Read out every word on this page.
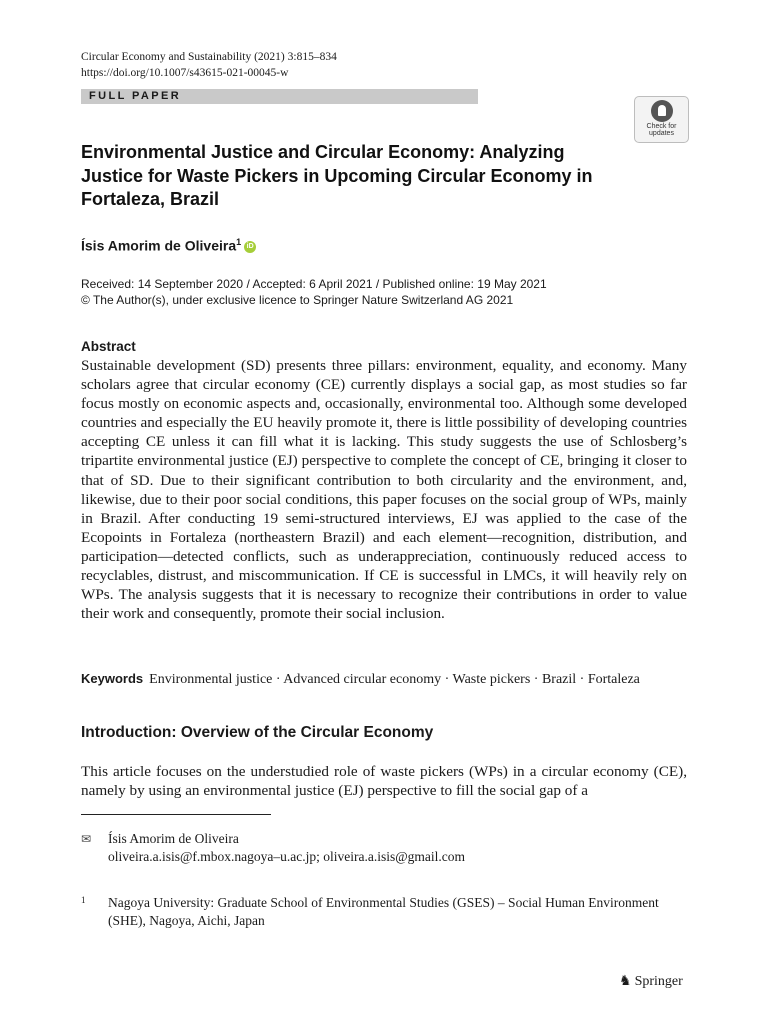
Circular Economy and Sustainability (2021) 3:815–834
https://doi.org/10.1007/s43615-021-00045-w
FULL PAPER
Check for
updates
Environmental Justice and Circular Economy: Analyzing Justice for Waste Pickers in Upcoming Circular Economy in Fortaleza, Brazil
Ísis Amorim de Oliveira$^1$ iD
Received: 14 September 2020 / Accepted: 6 April 2021 / Published online: 19 May 2021
© The Author(s), under exclusive licence to Springer Nature Switzerland AG 2021
Abstract
Sustainable development (SD) presents three pillars: environment, equality, and economy. Many scholars agree that circular economy (CE) currently displays a social gap, as most studies so far focus mostly on economic aspects and, occasionally, environmental too. Although some developed countries and especially the EU heavily promote it, there is little possibility of developing countries accepting CE unless it can fill what it is lacking. This study suggests the use of Schlosberg’s tripartite environmental justice (EJ) perspective to complete the concept of CE, bringing it closer to that of SD. Due to their significant contribution to both circularity and the environment, and, likewise, due to their poor social conditions, this paper focuses on the social group of WPs, mainly in Brazil. After conducting 19 semi-structured interviews, EJ was applied to the case of the Ecopoints in Fortaleza (northeastern Brazil) and each element—recognition, distribution, and participation—detected conflicts, such as underappreciation, continuously reduced access to recyclables, distrust, and miscommunication. If CE is successful in LMCs, it will heavily rely on WPs. The analysis suggests that it is necessary to recognize their contributions in order to value their work and consequently, promote their social inclusion.
Keywords Environmental justice · Advanced circular economy · Waste pickers · Brazil · Fortaleza
Introduction: Overview of the Circular Economy
This article focuses on the understudied role of waste pickers (WPs) in a circular economy (CE), namely by using an environmental justice (EJ) perspective to fill the social gap of a
✉ Ísis Amorim de Oliveira
oliveira.a.isis@f.mbox.nagoya–u.ac.jp; oliveira.a.isis@gmail.com
$^1$ Nagoya University: Graduate School of Environmental Studies (GSES) – Social Human Environment (SHE), Nagoya, Aichi, Japan
♞ Springer
